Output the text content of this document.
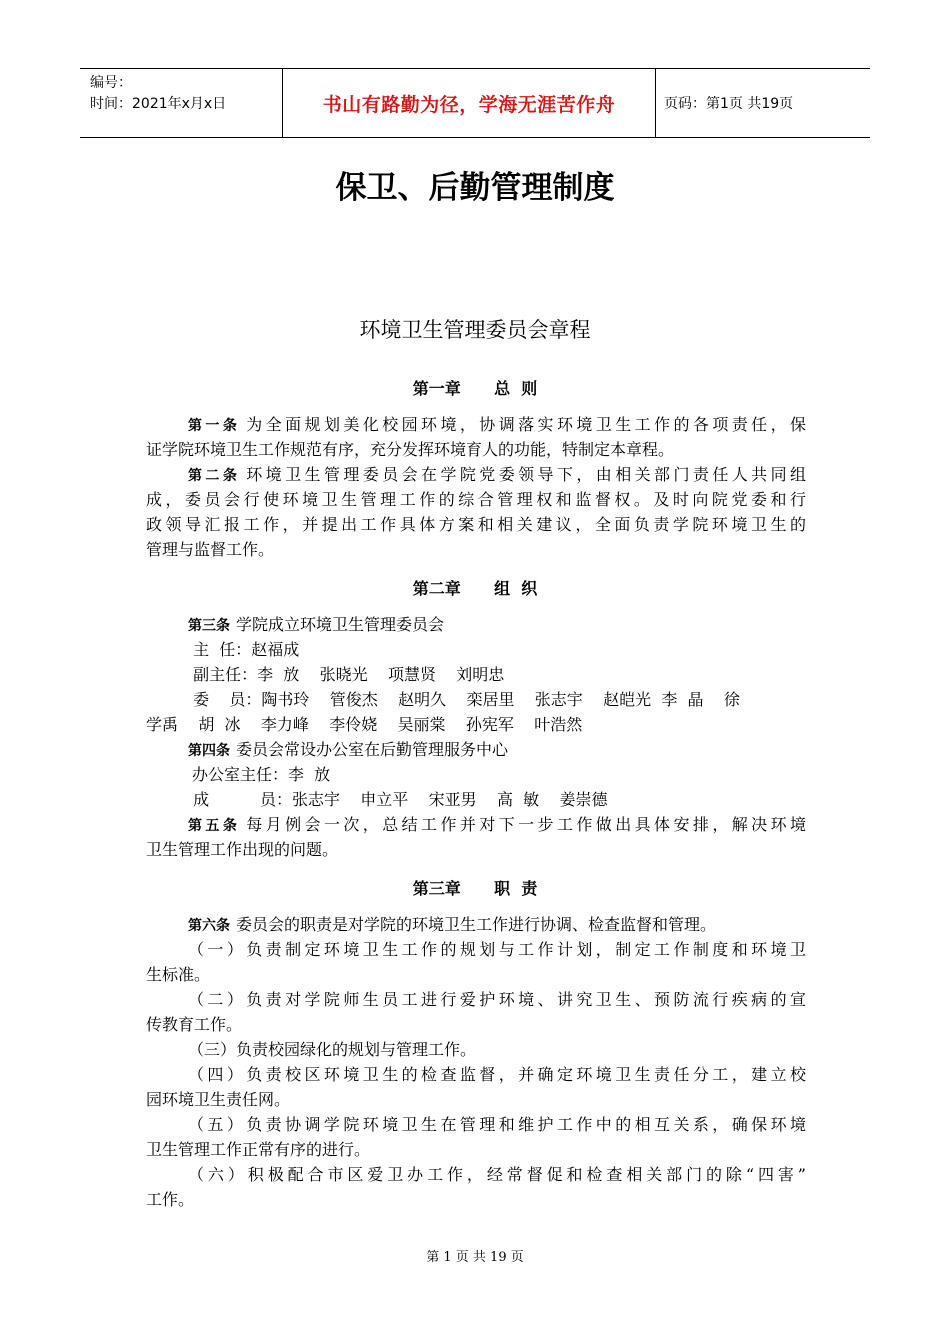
编号：
时间：2021年x月x日	书山有路勤为径，学海无涯苦作舟	页码：第1页 共19页
保卫、后勤管理制度
环境卫生管理委员会章程
第一章      总  则
第一条 为全面规划美化校园环境，协调落实环境卫生工作的各项责任，保
证学院环境卫生工作规范有序，充分发挥环境育人的功能，特制定本章程。
第二条 环境卫生管理委员会在学院党委领导下，由相关部门责任人共同组
成，委员会行使环境卫生管理工作的综合管理权和监督权。及时向院党委和行
政领导汇报工作，并提出工作具体方案和相关建议，全面负责学院环境卫生的
管理与监督工作。
第二章      组  织
第三条 学院成立环境卫生管理委员会
主  任：赵福成
副主任：李  放    张晓光    项慧贤    刘明忠
委    员：陶书玲    管俊杰    赵明久    栾居里    张志宇    赵皑光  李  晶    徐
学禹    胡  冰    李力峰    李伶娆    吴丽棠    孙宪军    叶浩然
第四条 委员会常设办公室在后勤管理服务中心
办公室主任：李  放
成          员：张志宇    申立平    宋亚男    高  敏    姜崇德
第五条 每月例会一次，总结工作并对下一步工作做出具体安排，解决环境
卫生管理工作出现的问题。
第三章      职  责
第六条 委员会的职责是对学院的环境卫生工作进行协调、检查监督和管理。
（一）负责制定环境卫生工作的规划与工作计划，制定工作制度和环境卫
生标准。
（二）负责对学院师生员工进行爱护环境、讲究卫生、预防流行疾病的宣
传教育工作。
（三）负责校园绿化的规划与管理工作。
（四）负责校区环境卫生的检查监督，并确定环境卫生责任分工，建立校
园环境卫生责任网。
（五）负责协调学院环境卫生在管理和维护工作中的相互关系，确保环境
卫生管理工作正常有序的进行。
（六）积极配合市区爱卫办工作，经常督促和检查相关部门的除“四害”
工作。
第 1 页 共 19 页
